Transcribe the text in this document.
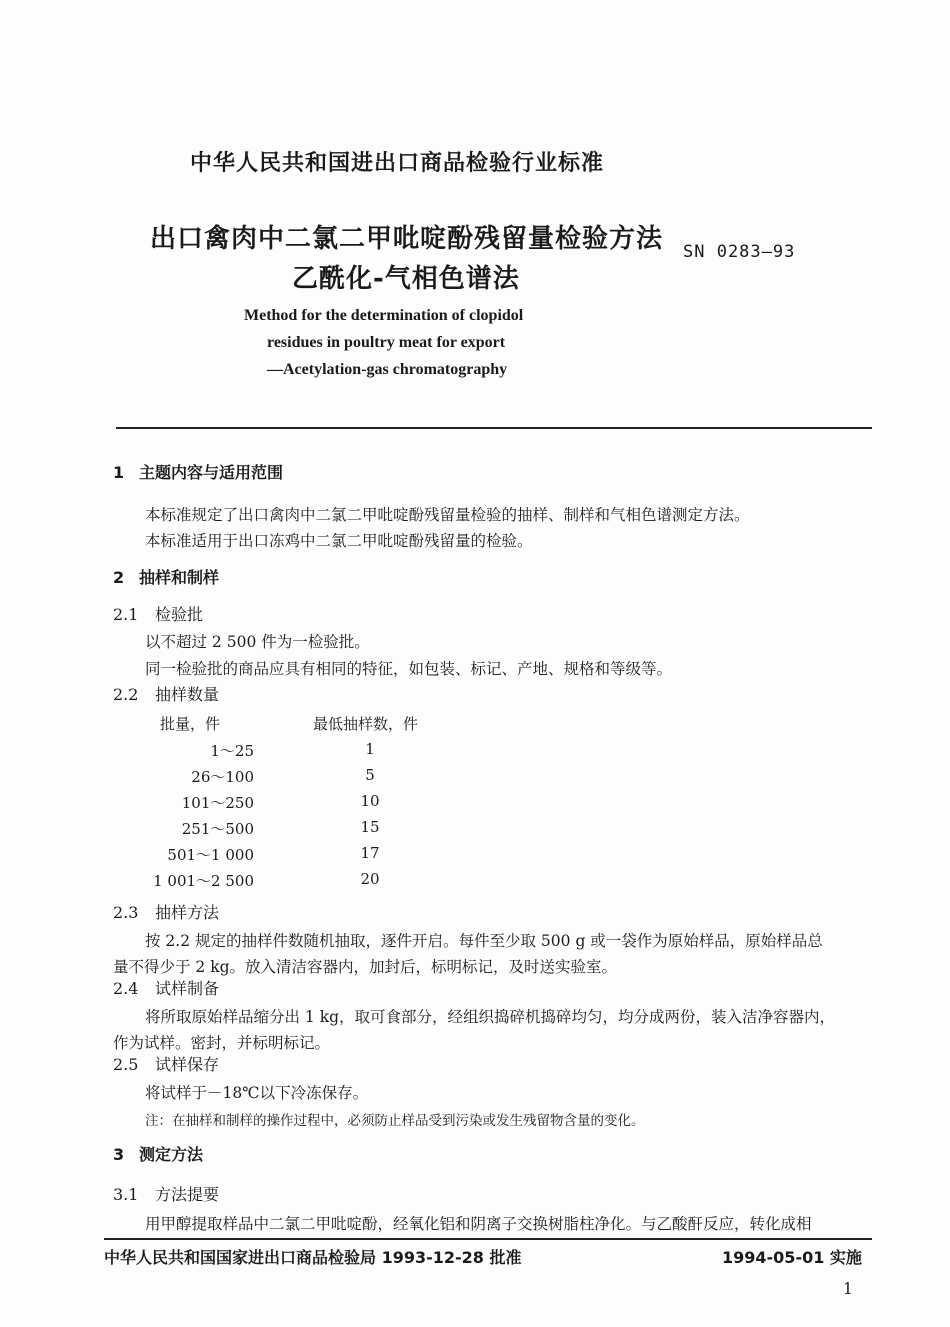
中华人民共和国进出口商品检验行业标准
出口禽肉中二氯二甲吡啶酚残留量检验方法
乙酰化-气相色谱法
SN 0283—93
Method for the determination of clopidol
residues in poultry meat for export
—Acetylation-gas chromatography
1 主题内容与适用范围
本标准规定了出口禽肉中二氯二甲吡啶酚残留量检验的抽样、制样和气相色谱测定方法。
本标准适用于出口冻鸡中二氯二甲吡啶酚残留量的检验。
2 抽样和制样
2.1 检验批
以不超过 2 500 件为一检验批。
同一检验批的商品应具有相同的特征，如包装、标记、产地、规格和等级等。
2.2 抽样数量
批量，件	最低抽样数，件
1～25	1
26～100	5
101～250	10
251～500	15
501～1 000	17
1 001～2 500	20
2.3 抽样方法
按 2.2 规定的抽样件数随机抽取，逐件开启。每件至少取 500 g 或一袋作为原始样品，原始样品总
量不得少于 2 kg。放入清洁容器内，加封后，标明标记，及时送实验室。
2.4 试样制备
将所取原始样品缩分出 1 kg，取可食部分，经组织捣碎机捣碎均匀，均分成两份，装入洁净容器内，
作为试样。密封，并标明标记。
2.5 试样保存
将试样于－18℃以下冷冻保存。
注：在抽样和制样的操作过程中，必须防止样品受到污染或发生残留物含量的变化。
3 测定方法
3.1 方法提要
用甲醇提取样品中二氯二甲吡啶酚，经氧化铝和阴离子交换树脂柱净化。与乙酸酐反应，转化成相
中华人民共和国国家进出口商品检验局 1993-12-28 批准	1994-05-01 实施
1
